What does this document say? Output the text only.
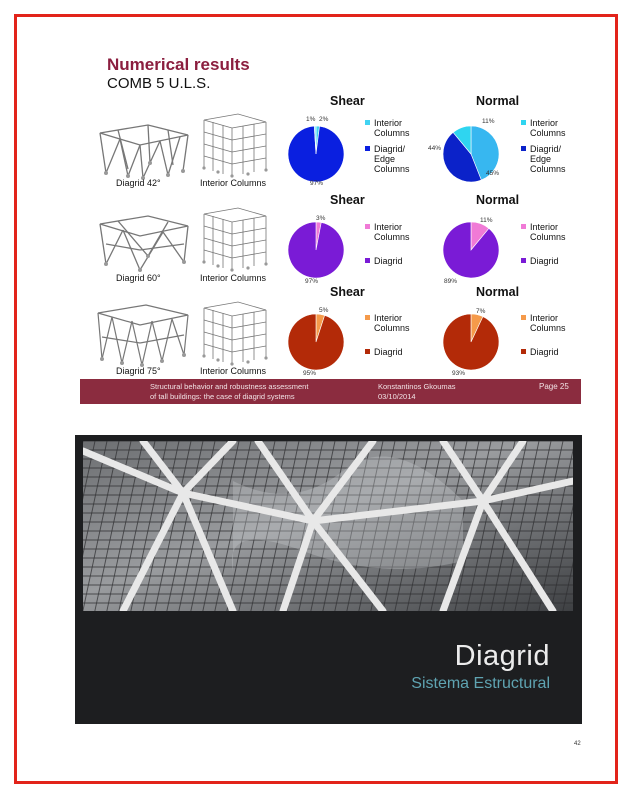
Numerical results
COMB 5 U.L.S.
Diagrid 42°	Interior Columns
Diagrid 60°	Interior Columns
Diagrid 75°	Interior Columns
Shear	Normal
Shear	Normal
Shear	Normal
1% 2%
97%
11%
44%
45%
3%
97%
11%
89%
5%
95%
7%
93%
Interior Columns
Diagrid/ Edge Columns
Interior Columns
Diagrid/ Edge Columns
Interior Columns
Diagrid
Interior Columns
Diagrid
Interior Columns
Diagrid
Interior Columns
Diagrid
Structural behavior and robustness assessment
of tall buildings: the case of diagrid systems
Konstantinos Gkoumas
03/10/2014
Page 25
Diagrid
Sistema Estructural
42
